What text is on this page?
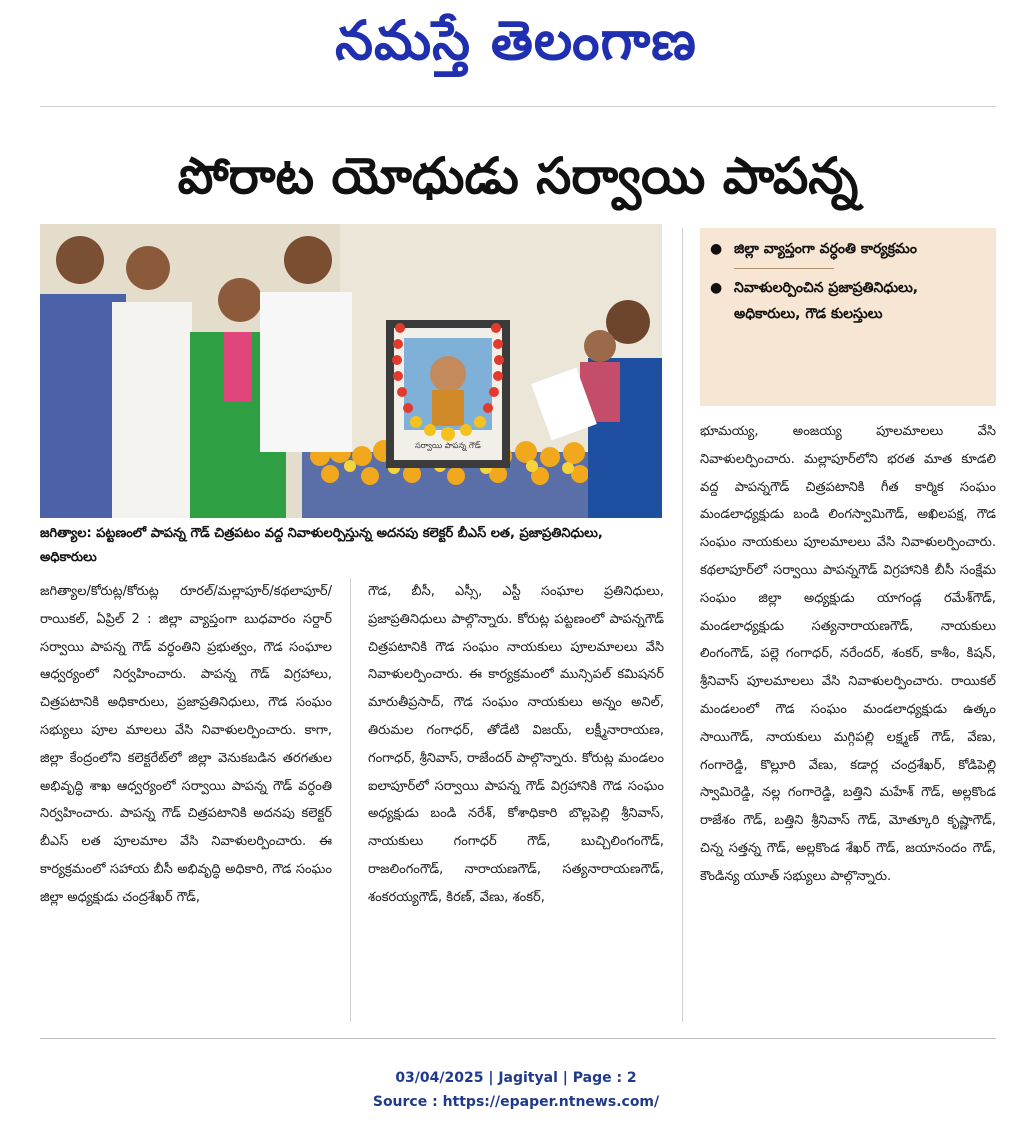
నమస్తే తెలంగాణ
పోరాట యోధుడు సర్వాయి పాపన్న
సర్వాయి పాపన్న గౌడ్
జగిత్యాల: పట్టణంలో పాపన్న గౌడ్ చిత్రపటం వద్ద నివాళులర్పిస్తున్న అదనపు కలెక్టర్ బీఎస్ లత, ప్రజాప్రతినిధులు, అధికారులు
● జిల్లా వ్యాప్తంగా వర్ధంతి కార్యక్రమం
● నివాళులర్పించిన ప్రజాప్రతినిధులు, అధికారులు, గౌడ కులస్తులు

జగిత్యాల/కోరుట్ల/కోరుట్ల రూరల్/మల్లాపూర్/కథలాపూర్/రాయికల్, ఏప్రిల్ 2 : జిల్లా వ్యాప్తంగా బుధవారం సర్దార్ సర్వాయి పాపన్న గౌడ్ వర్ధంతిని ప్రభుత్వం, గౌడ సంఘాల ఆధ్వర్యంలో నిర్వహించారు. పాపన్న గౌడ్ విగ్రహాలు, చిత్రపటానికి అధికారులు, ప్రజాప్రతినిధులు, గౌడ సంఘం సభ్యులు పూల మాలలు వేసి నివాళులర్పించారు. కాగా, జిల్లా కేంద్రంలోని కలెక్టరేట్‌లో జిల్లా వెనుకబడిన తరగతుల అభివృద్ధి శాఖ ఆధ్వర్యంలో సర్వాయి పాపన్న గౌడ్ వర్ధంతి నిర్వహించారు. పాపన్న గౌడ్ చిత్రపటానికి అదనపు కలెక్టర్ బీఎస్ లత పూలమాల వేసి నివాళులర్పించారు. ఈ కార్యక్రమంలో సహాయ బీసీ అభివృద్ధి అధికారి, గౌడ సంఘం జిల్లా అధ్యక్షుడు చంద్రశేఖర్ గౌడ్,

గౌడ, బీసీ, ఎస్సీ, ఎస్టీ సంఘాల ప్రతినిధులు, ప్రజాప్రతినిధులు పాల్గొన్నారు. కోరుట్ల పట్టణంలో పాపన్నగౌడ్ చిత్రపటానికి గౌడ సంఘం నాయకులు పూలమాలలు వేసి నివాళులర్పించారు. ఈ కార్యక్రమంలో మున్సిపల్ కమిషనర్ మారుతీప్రసాద్, గౌడ సంఘం నాయకులు అన్నం అనిల్, తిరుమల గంగాధర్, తోడేటి విజయ్, లక్ష్మీనారాయణ, గంగాధర్, శ్రీనివాస్, రాజేందర్ పాల్గొన్నారు. కోరుట్ల మండలం ఐలాపూర్‌లో సర్వాయి పాపన్న గౌడ్ విగ్రహానికి గౌడ సంఘం అధ్యక్షుడు బండి నరేశ్, కోశాధికారి బొల్లపెల్లి శ్రీనివాస్, నాయకులు గంగాధర్ గౌడ్, బుచ్చిలింగంగౌడ్, రాజలింగంగౌడ్, నారాయణగౌడ్, సత్యనారాయణగౌడ్, శంకరయ్యగౌడ్, కిరణ్, వేణు, శంకర్,

భూమయ్య, అంజయ్య పూలమాలలు వేసి నివాళులర్పించారు. మల్లాపూర్‌లోని భరత మాత కూడలి వద్ద పాపన్నగౌడ్ చిత్రపటానికి గీత కార్మిక సంఘం మండలాధ్యక్షుడు బండి లింగస్వామిగౌడ్, అఖిలపక్ష, గౌడ సంఘం నాయకులు పూలమాలలు వేసి నివాళులర్పించారు. కథలాపూర్‌లో సర్వాయి పాపన్నగౌడ్ విగ్రహానికి బీసీ సంక్షేమ సంఘం జిల్లా అధ్యక్షుడు యాగండ్ల రమేశ్‌గౌడ్, మండలాధ్యక్షుడు సత్యనారాయణగౌడ్, నాయకులు లింగంగౌడ్, పల్లె గంగాధర్, నరేందర్, శంకర్, కాశీం, కిషన్, శ్రీనివాస్ పూలమాలలు వేసి నివాళులర్పించారు. రాయికల్ మండలంలో గౌడ సంఘం మండలాధ్యక్షుడు ఉత్కం సాయిగౌడ్, నాయకులు మగ్గిపల్లి లక్ష్మణ్ గౌడ్, వేణు, గంగారెడ్డి, కొల్లూరి వేణు, కడార్ల చంద్రశేఖర్, కోడిపెల్లి స్వామిరెడ్డి, నల్ల గంగారెడ్డి, బత్తిని మహేశ్ గౌడ్, అల్లకొండ రాజేశం గౌడ్, బత్తిని శ్రీనివాస్ గౌడ్, మోత్కూరి కృష్ణాగౌడ్, చిన్న సత్తన్న గౌడ్, అల్లకొండ శేఖర్ గౌడ్, జయానందం గౌడ్, కౌండిన్య యూత్ సభ్యులు పాల్గొన్నారు.

03/04/2025 | Jagityal | Page : 2
Source : https://epaper.ntnews.com/
